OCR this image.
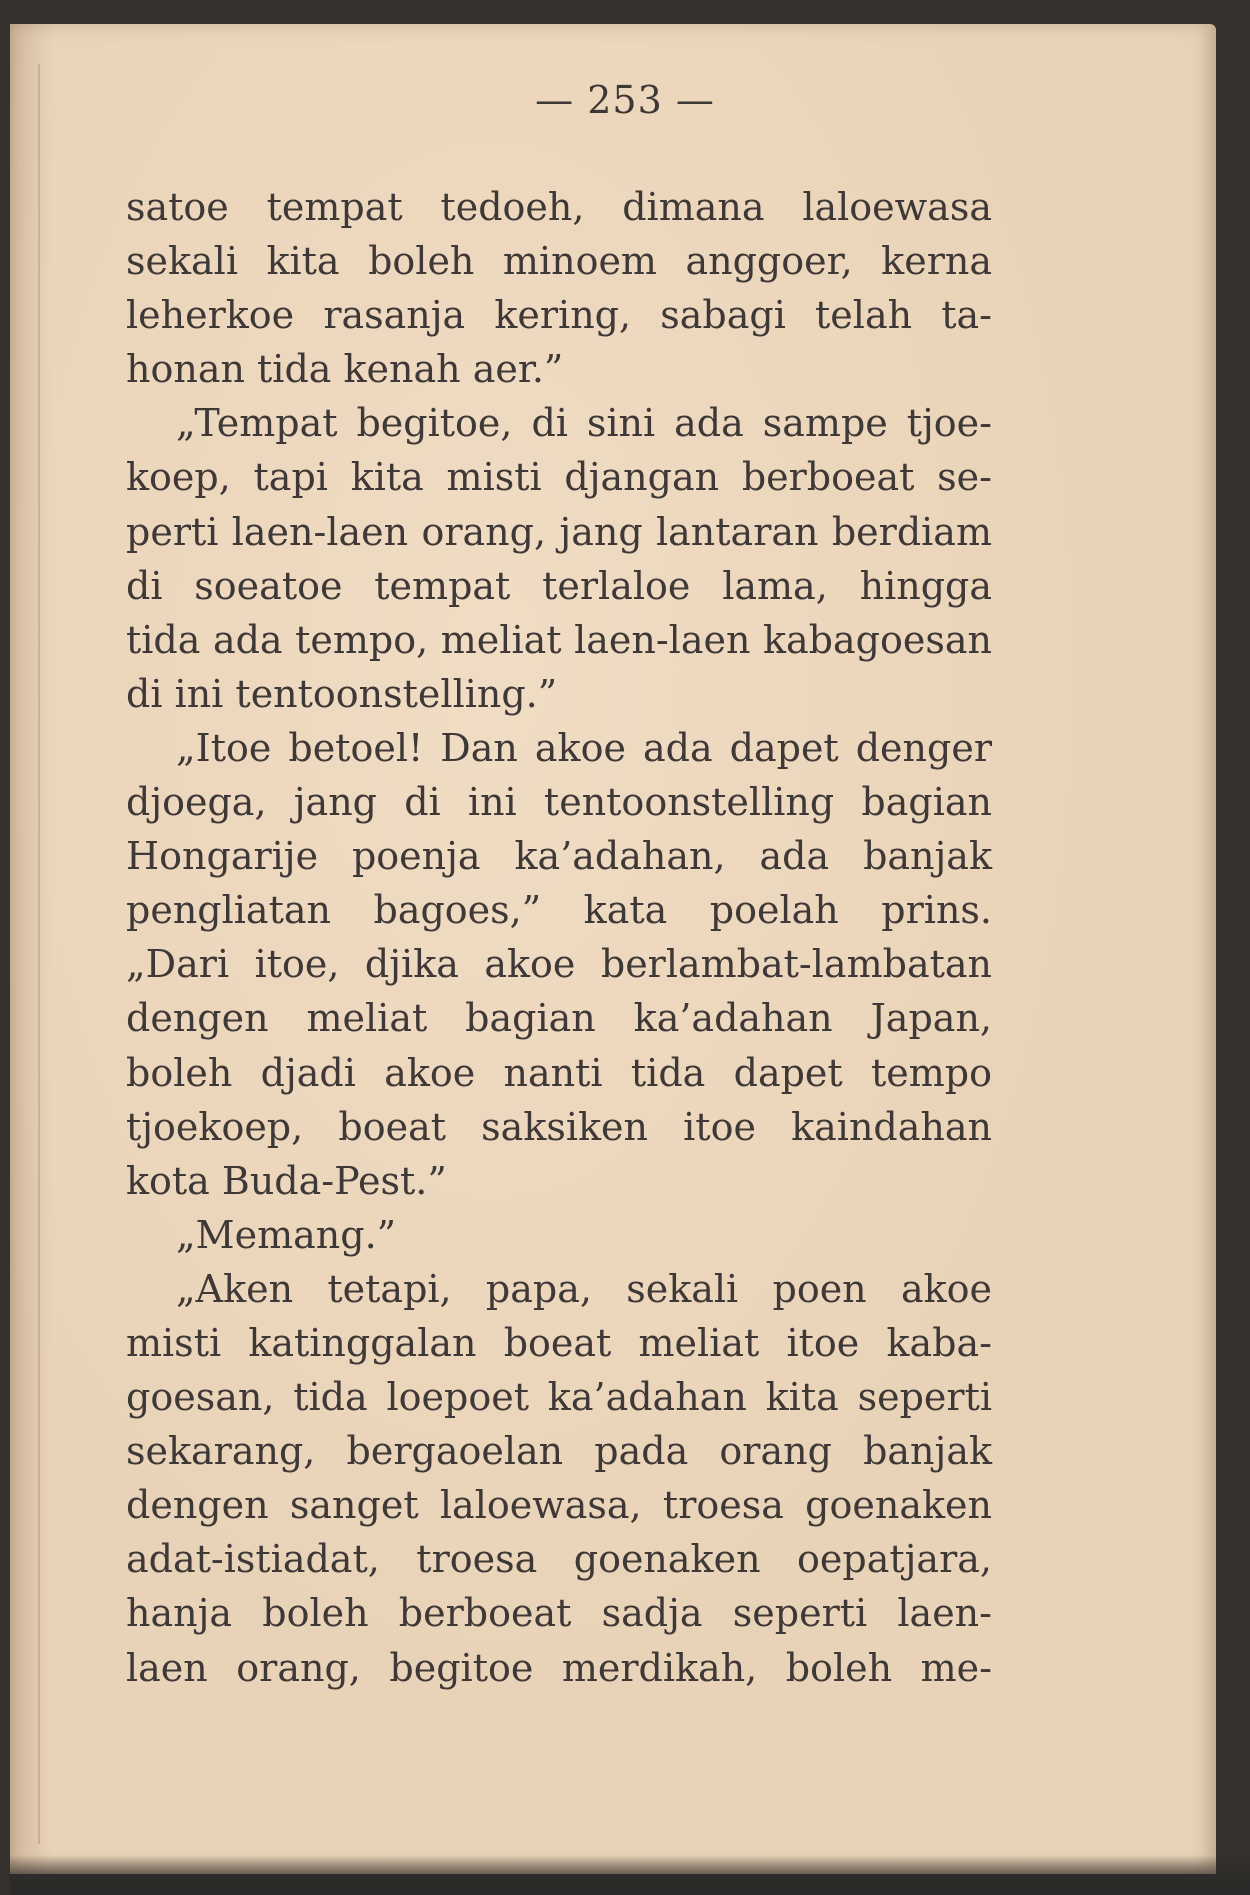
— 253 —
satoe tempat tedoeh, dimana laloewasa
sekali kita boleh minoem anggoer, kerna
leherkoe rasanja kering, sabagi telah ta-
honan tida kenah aer.”
„Tempat begitoe, di sini ada sampe tjoe-
koep, tapi kita misti djangan berboeat se-
perti laen-laen orang, jang lantaran berdiam
di soeatoe tempat terlaloe lama, hingga
tida ada tempo, meliat laen-laen kabagoesan
di ini tentoonstelling.”
„Itoe betoel! Dan akoe ada dapet denger
djoega, jang di ini tentoonstelling bagian
Hongarije poenja ka’adahan, ada banjak
pengliatan bagoes,” kata poelah prins.
„Dari itoe, djika akoe berlambat-lambatan
dengen meliat bagian ka’adahan Japan,
boleh djadi akoe nanti tida dapet tempo
tjoekoep, boeat saksiken itoe kaindahan
kota Buda-Pest.”
„Memang.”
„Aken tetapi, papa, sekali poen akoe
misti katinggalan boeat meliat itoe kaba-
goesan, tida loepoet ka’adahan kita seperti
sekarang, bergaoelan pada orang banjak
dengen sanget laloewasa, troesa goenaken
adat-istiadat, troesa goenaken oepatjara,
hanja boleh berboeat sadja seperti laen-
laen orang, begitoe merdikah, boleh me-
